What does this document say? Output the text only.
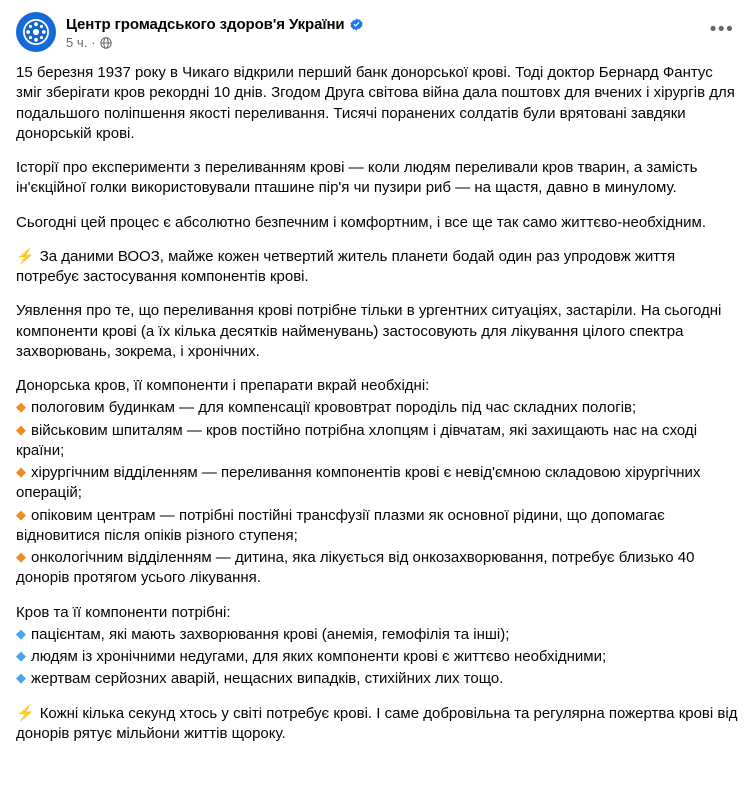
Центр громадського здоров'я України
5 ч. ·
•••

15 березня 1937 року в Чикаго відкрили перший банк донорської крові. Тоді доктор Бернард Фантус зміг зберігати кров рекордні 10 днів. Згодом Друга світова війна дала поштовх для вчених і хірургів для подальшого поліпшення якості переливання. Тисячі поранених солдатів були врятовані завдяки донорській крові.

Історії про експерименти з переливанням крові — коли людям переливали кров тварин, а замість ін'єкційної голки використовували пташине пір'я чи пузири риб — на щастя, давно в минулому.

Сьогодні цей процес є абсолютно безпечним і комфортним, і все ще так само життєво-необхідним.

⚡ За даними ВООЗ, майже кожен четвертий житель планети бодай один раз упродовж життя потребує застосування компонентів крові.

Уявлення про те, що переливання крові потрібне тільки в ургентних ситуаціях, застаріли. На сьогодні компоненти крові (а їх кілька десятків найменувань) застосовують для лікування цілого спектра захворювань, зокрема, і хронічних.

Донорська кров, її компоненти і препарати вкрай необхідні:

◆ пологовим будинкам — для компенсації крововтрат породіль під час складних пологів;

◆ військовим шпиталям — кров постійно потрібна хлопцям і дівчатам, які захищають нас на сході країни;

◆ хірургічним відділенням — переливання компонентів крові є невід'ємною складовою хірургічних операцій;

◆ опіковим центрам — потрібні постійні трансфузії плазми як основної рідини, що допомагає відновитися після опіків різного ступеня;

◆ онкологічним відділенням — дитина, яка лікується від онкозахворювання, потребує близько 40 донорів протягом усього лікування.

Кров та її компоненти потрібні:

◆ пацієнтам, які мають захворювання крові (анемія, гемофілія та інші);

◆ людям із хронічними недугами, для яких компоненти крові є життєво необхідними;

◆ жертвам серйозних аварій, нещасних випадків, стихійних лих тощо.

⚡ Кожні кілька секунд хтось у світі потребує крові. І саме добровільна та регулярна пожертва крові від донорів рятує мільйони життів щороку.
